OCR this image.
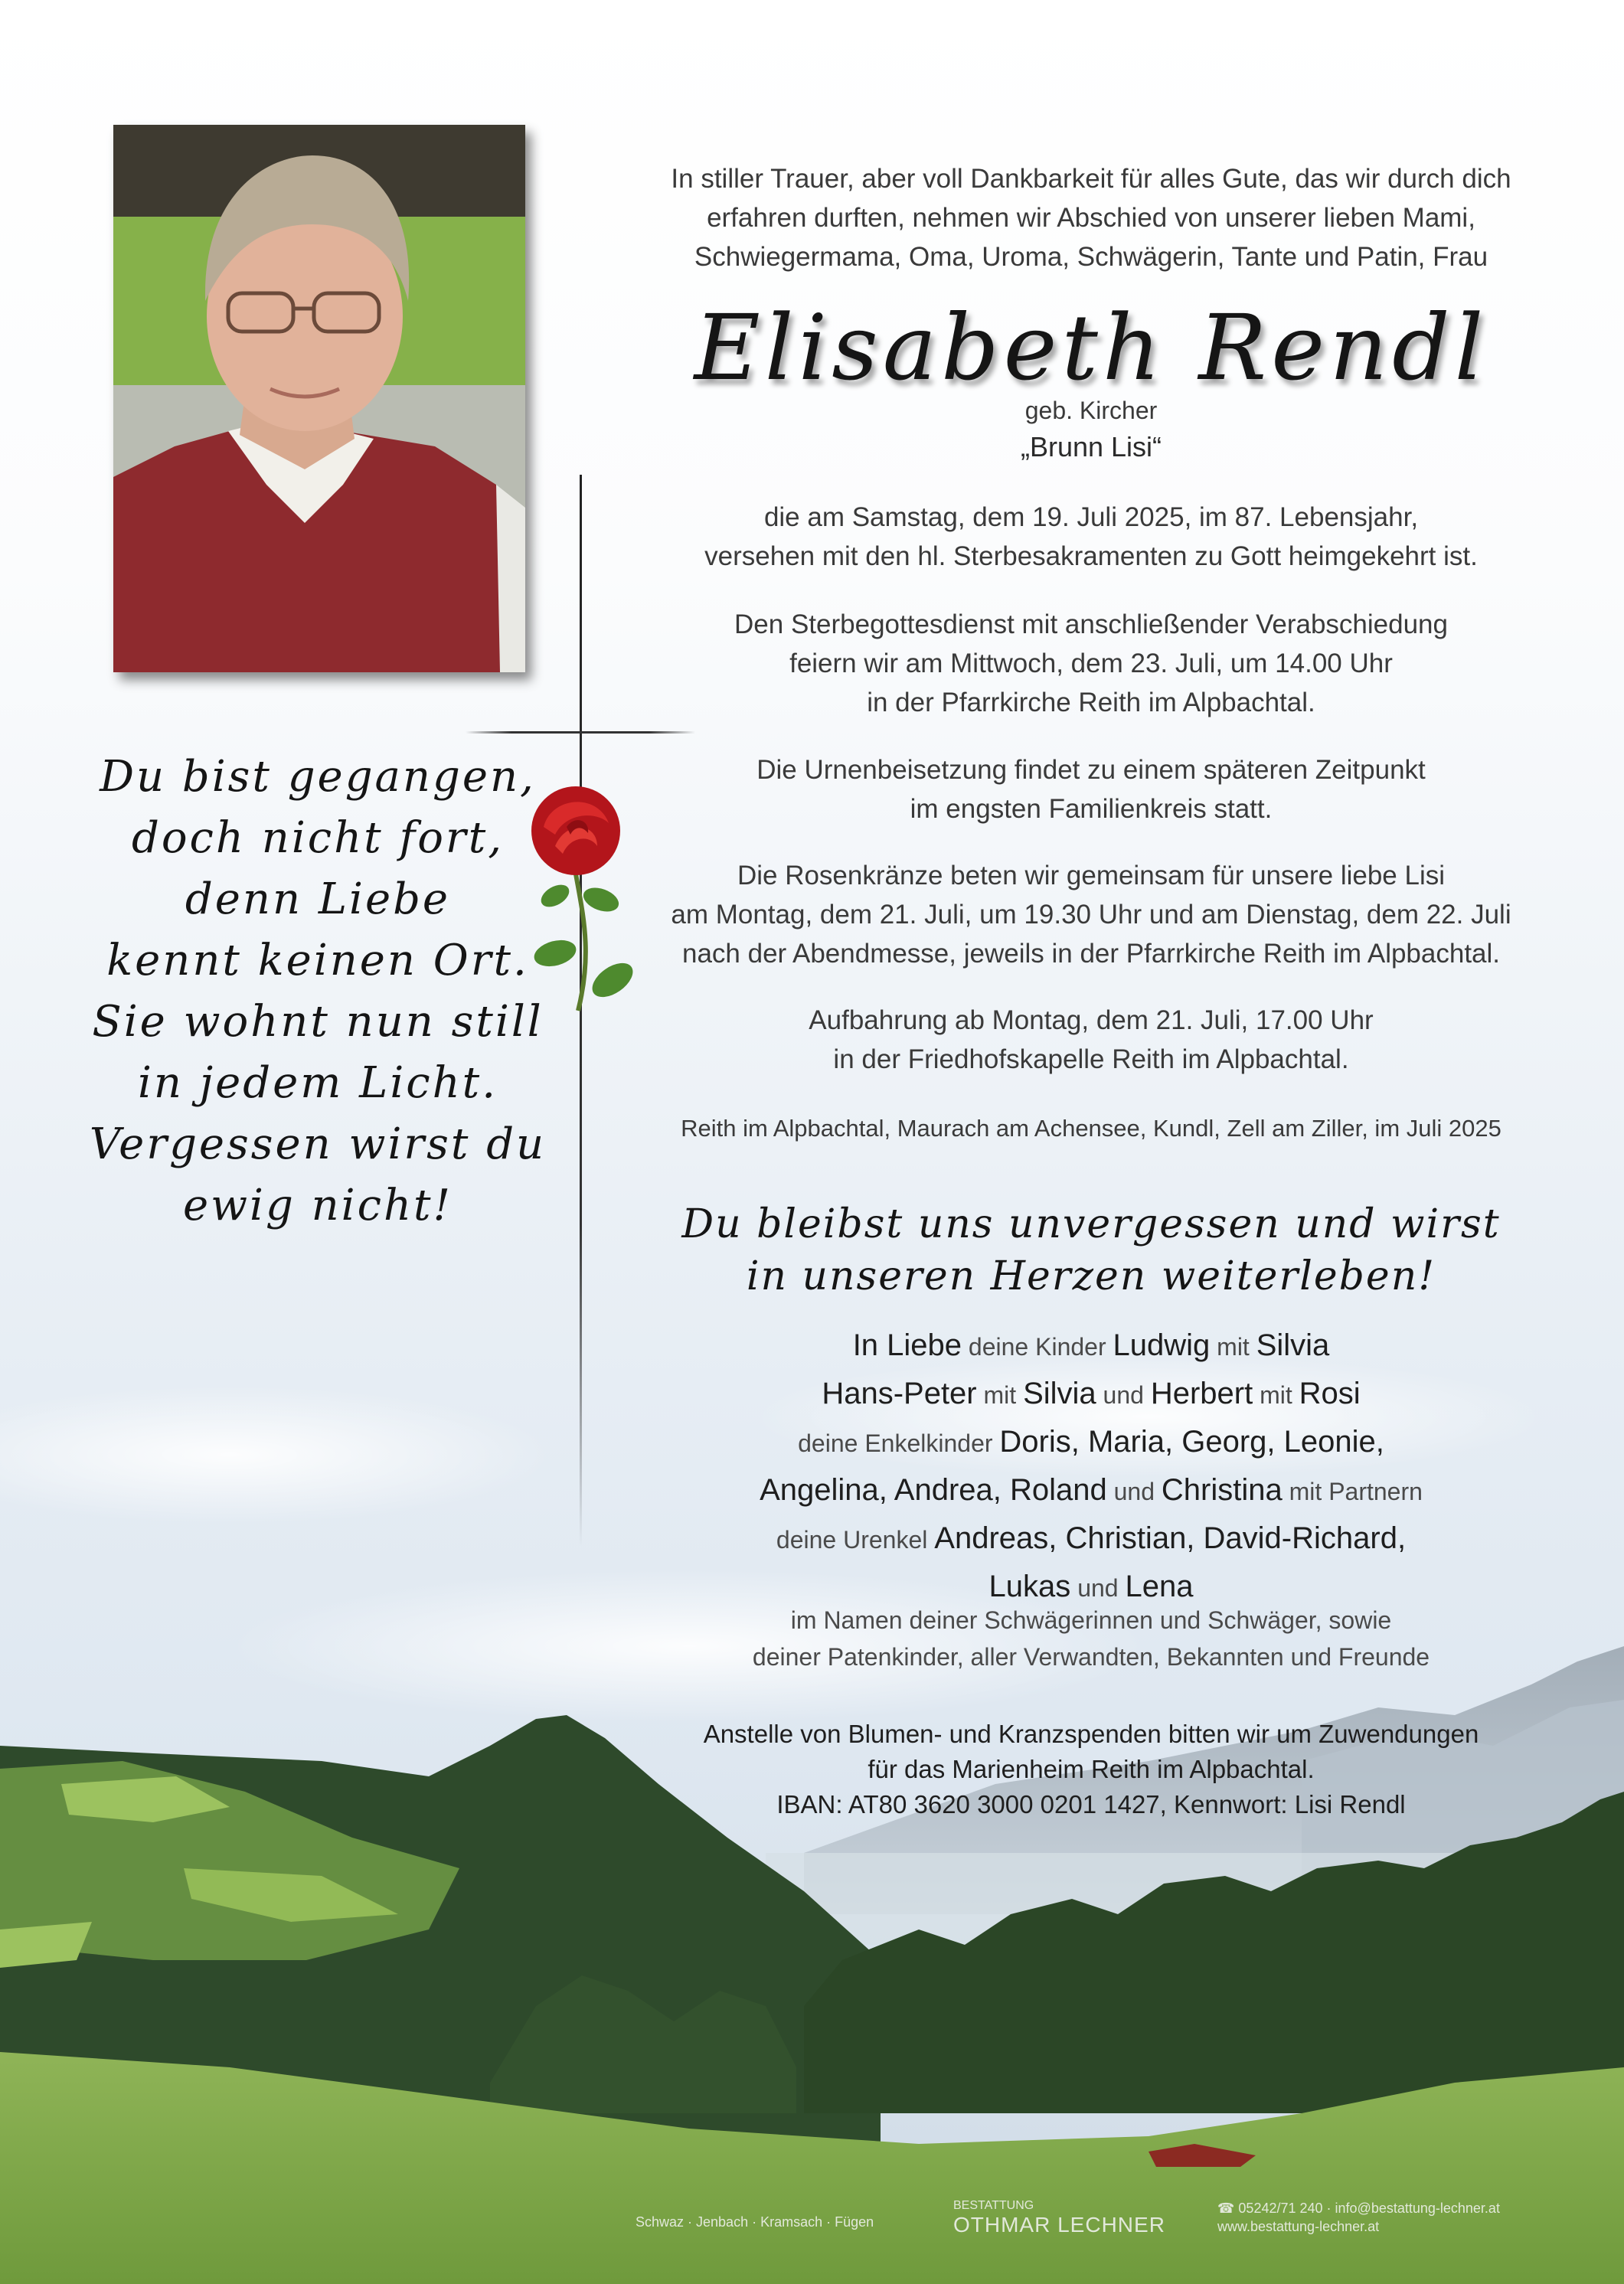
In stiller Trauer, aber voll Dankbarkeit für alles Gute, das wir durch dich
erfahren durften, nehmen wir Abschied von unserer lieben Mami,
Schwiegermama, Oma, Uroma, Schwägerin, Tante und Patin, Frau
Elisabeth Rendl
geb. Kircher
„Brunn Lisi“
die am Samstag, dem 19. Juli 2025, im 87. Lebensjahr,
versehen mit den hl. Sterbesakramenten zu Gott heimgekehrt ist.
Den Sterbegottesdienst mit anschließender Verabschiedung
feiern wir am Mittwoch, dem 23. Juli, um 14.00 Uhr
in der Pfarrkirche Reith im Alpbachtal.
Die Urnenbeisetzung findet zu einem späteren Zeitpunkt
im engsten Familienkreis statt.
Die Rosenkränze beten wir gemeinsam für unsere liebe Lisi
am Montag, dem 21. Juli, um 19.30 Uhr und am Dienstag, dem 22. Juli
nach der Abendmesse, jeweils in der Pfarrkirche Reith im Alpbachtal.
Aufbahrung ab Montag, dem 21. Juli, 17.00 Uhr
in der Friedhofskapelle Reith im Alpbachtal.
Reith im Alpbachtal, Maurach am Achensee, Kundl, Zell am Ziller, im Juli 2025
Du bist gegangen,
doch nicht fort,
denn Liebe
kennt keinen Ort.
Sie wohnt nun still
in jedem Licht.
Vergessen wirst du
ewig nicht!	Du bleibst uns unvergessen und wirst
in unseren Herzen weiterleben!
In Liebe deine Kinder Ludwig mit Silvia
Hans-Peter mit Silvia und Herbert mit Rosi
deine Enkelkinder Doris, Maria, Georg, Leonie,
Angelina, Andrea, Roland und Christina mit Partnern
deine Urenkel Andreas, Christian, David-Richard,
Lukas und Lena
im Namen deiner Schwägerinnen und Schwäger, sowie
deiner Patenkinder, aller Verwandten, Bekannten und Freunde
Anstelle von Blumen- und Kranzspenden bitten wir um Zuwendungen
für das Marienheim Reith im Alpbachtal.
IBAN: AT80 3620 3000 0201 1427, Kennwort: Lisi Rendl
Schwaz · Jenbach · Kramsach · Fügen
BESTATTUNG
OTHMAR LECHNER
☎ 05242/71 240 · info@bestattung-lechner.at
www.bestattung-lechner.at
